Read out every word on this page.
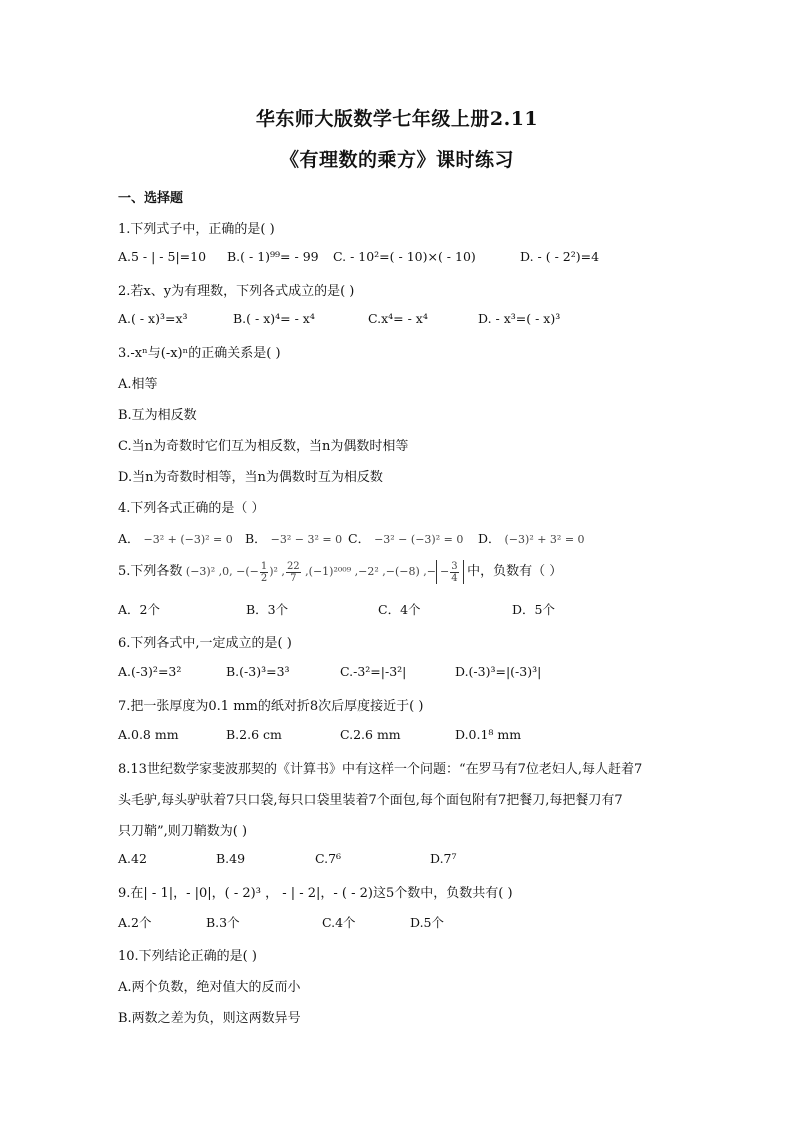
华东师大版数学七年级上册2.11
《有理数的乘方》课时练习
一、选择题
1.下列式子中，正确的是( )
A.5 - | - 5|=10 B.( - 1)⁹⁹= - 99 C. - 10²=( - 10)×( - 10)	D. - ( - 2²)=4
2.若x、y为有理数，下列各式成立的是( )
A.( - x)³=x³	B.( - x)⁴= - x⁴	C.x⁴= - x⁴	D. - x³=( - x)³
3.-xⁿ与(-x)ⁿ的正确关系是( )
A.相等
B.互为相反数
C.当n为奇数时它们互为相反数，当n为偶数时相等
D.当n为奇数时相等，当n为偶数时互为相反数
4.下列各式正确的是（ ）
A． −3² + (−3)² = 0 B． −3² − 3² = 0 C． −3² − (−3)² = 0 D． (−3)² + 3² = 0
5.下列各数 (−3)² ,0, −(− $\frac{1}{2} )^2$ , $\frac{22}{7} ,(-1)^{2009}$ ,−2² ,−(−8) ,− − $\frac{3}{4}$ 中，负数有（ ）
A．2个	B．3个	C．4个	D．5个
6.下列各式中,一定成立的是( )
A.(-3)²=3²	B.(-3)³=3³	C.-3²=|-3²|	D.(-3)³=|(-3)³|
7.把一张厚度为0.1 mm的纸对折8次后厚度接近于( )
A.0.8 mm	B.2.6 cm	C.2.6 mm	D.0.1⁸ mm
8.13世纪数学家斐波那契的《计算书》中有这样一个问题：“在罗马有7位老妇人,每人赶着7
头毛驴,每头驴驮着7只口袋,每只口袋里装着7个面包,每个面包附有7把餐刀,每把餐刀有7
只刀鞘”,则刀鞘数为( )
A.42	B.49	C.7⁶	D.7⁷
9.在| - 1|，- |0|，( - 2)³ ， - | - 2|，- ( - 2)这5个数中，负数共有( )
A.2个	B.3个	C.4个	D.5个
10.下列结论正确的是( )
A.两个负数，绝对值大的反而小
B.两数之差为负，则这两数异号
